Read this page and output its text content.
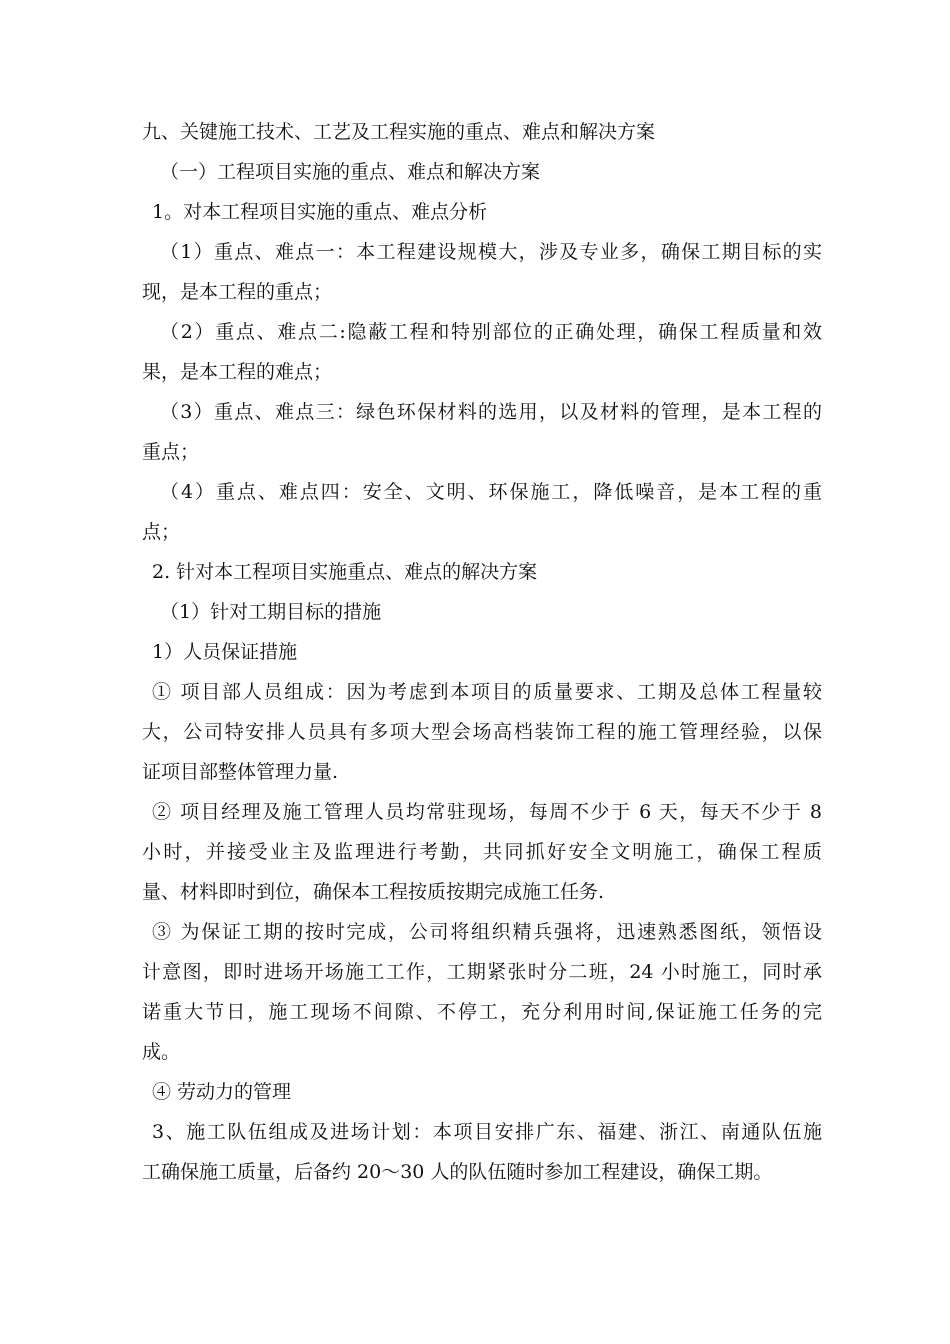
九、关键施工技术、工艺及工程实施的重点、难点和解决方案
（一）工程项目实施的重点、难点和解决方案
1。对本工程项目实施的重点、难点分析
（1）重点、难点一：本工程建设规模大，涉及专业多，确保工期目标的实
现，是本工程的重点；
（2）重点、难点二:隐蔽工程和特别部位的正确处理，确保工程质量和效
果，是本工程的难点；
（3）重点、难点三：绿色环保材料的选用，以及材料的管理，是本工程的
重点；
（4）重点、难点四：安全、文明、环保施工，降低噪音，是本工程的重
点；
2. 针对本工程项目实施重点、难点的解决方案
（1）针对工期目标的措施
1）人员保证措施
① 项目部人员组成：因为考虑到本项目的质量要求、工期及总体工程量较
大，公司特安排人员具有多项大型会场高档装饰工程的施工管理经验，以保
证项目部整体管理力量.
② 项目经理及施工管理人员均常驻现场，每周不少于 6 天，每天不少于 8
小时，并接受业主及监理进行考勤，共同抓好安全文明施工，确保工程质
量、材料即时到位，确保本工程按质按期完成施工任务.
③ 为保证工期的按时完成，公司将组织精兵强将，迅速熟悉图纸，领悟设
计意图，即时进场开场施工工作，工期紧张时分二班，24 小时施工，同时承
诺重大节日，施工现场不间隙、不停工，充分利用时间,保证施工任务的完
成。
④ 劳动力的管理
3、施工队伍组成及进场计划：本项目安排广东、福建、浙江、南通队伍施
工确保施工质量，后备约 20〜30 人的队伍随时参加工程建设，确保工期。
